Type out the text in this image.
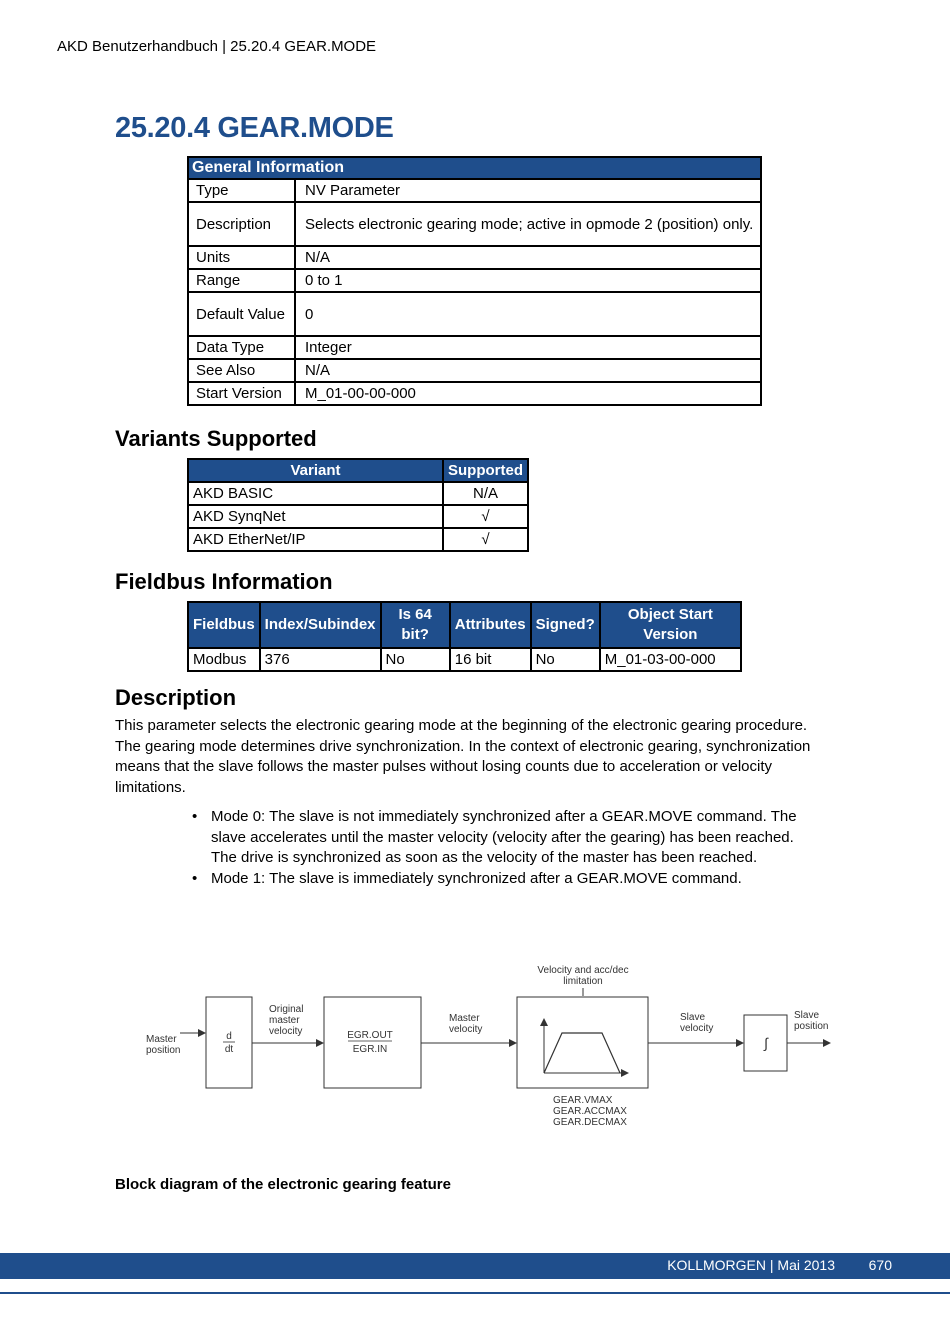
AKD Benutzerhandbuch | 25.20.4 GEAR.MODE
25.20.4 GEAR.MODE
General Information	
Type	NV Parameter
Description	Selects electronic gearing mode; active in opmode 2 (position) only.
Units	N/A
Range	0 to 1
Default Value	0
Data Type	Integer
See Also	N/A
Start Version	M_01-00-00-000
Variants Supported
Variant	Supported
AKD BASIC	N/A
AKD SynqNet	√
AKD EtherNet/IP	√
Fieldbus Information
Fieldbus	Index/Subindex	Is 64 bit?	Attributes	Signed?	Object Start Version
Modbus	376	No	16 bit	No	M_01-03-00-000
Description
This parameter selects the electronic gearing mode at the beginning of the electronic gearing procedure. The gearing mode determines drive synchronization. In the context of electronic gearing, synchronization means that the slave follows the master pulses without losing counts due to acceleration or velocity limitations.
• Mode 0: The slave is not immediately synchronized after a GEAR.MOVE command. The slave accelerates until the master velocity (velocity after the gearing) has been reached. The drive is synchronized as soon as the velocity of the master has been reached.
• Mode 1: The slave is immediately synchronized after a GEAR.MOVE command.
Master
position
d
dt
Original
master
velocity	EGR.OUT
EGR.IN
Master
velocity
Velocity and acc/dec
limitation
GEAR.VMAX
GEAR.ACCMAX
GEAR.DECMAX
Slave
velocity
∫
Slave
position
Block diagram of the electronic gearing feature
KOLLMORGEN | Mai 2013 670
